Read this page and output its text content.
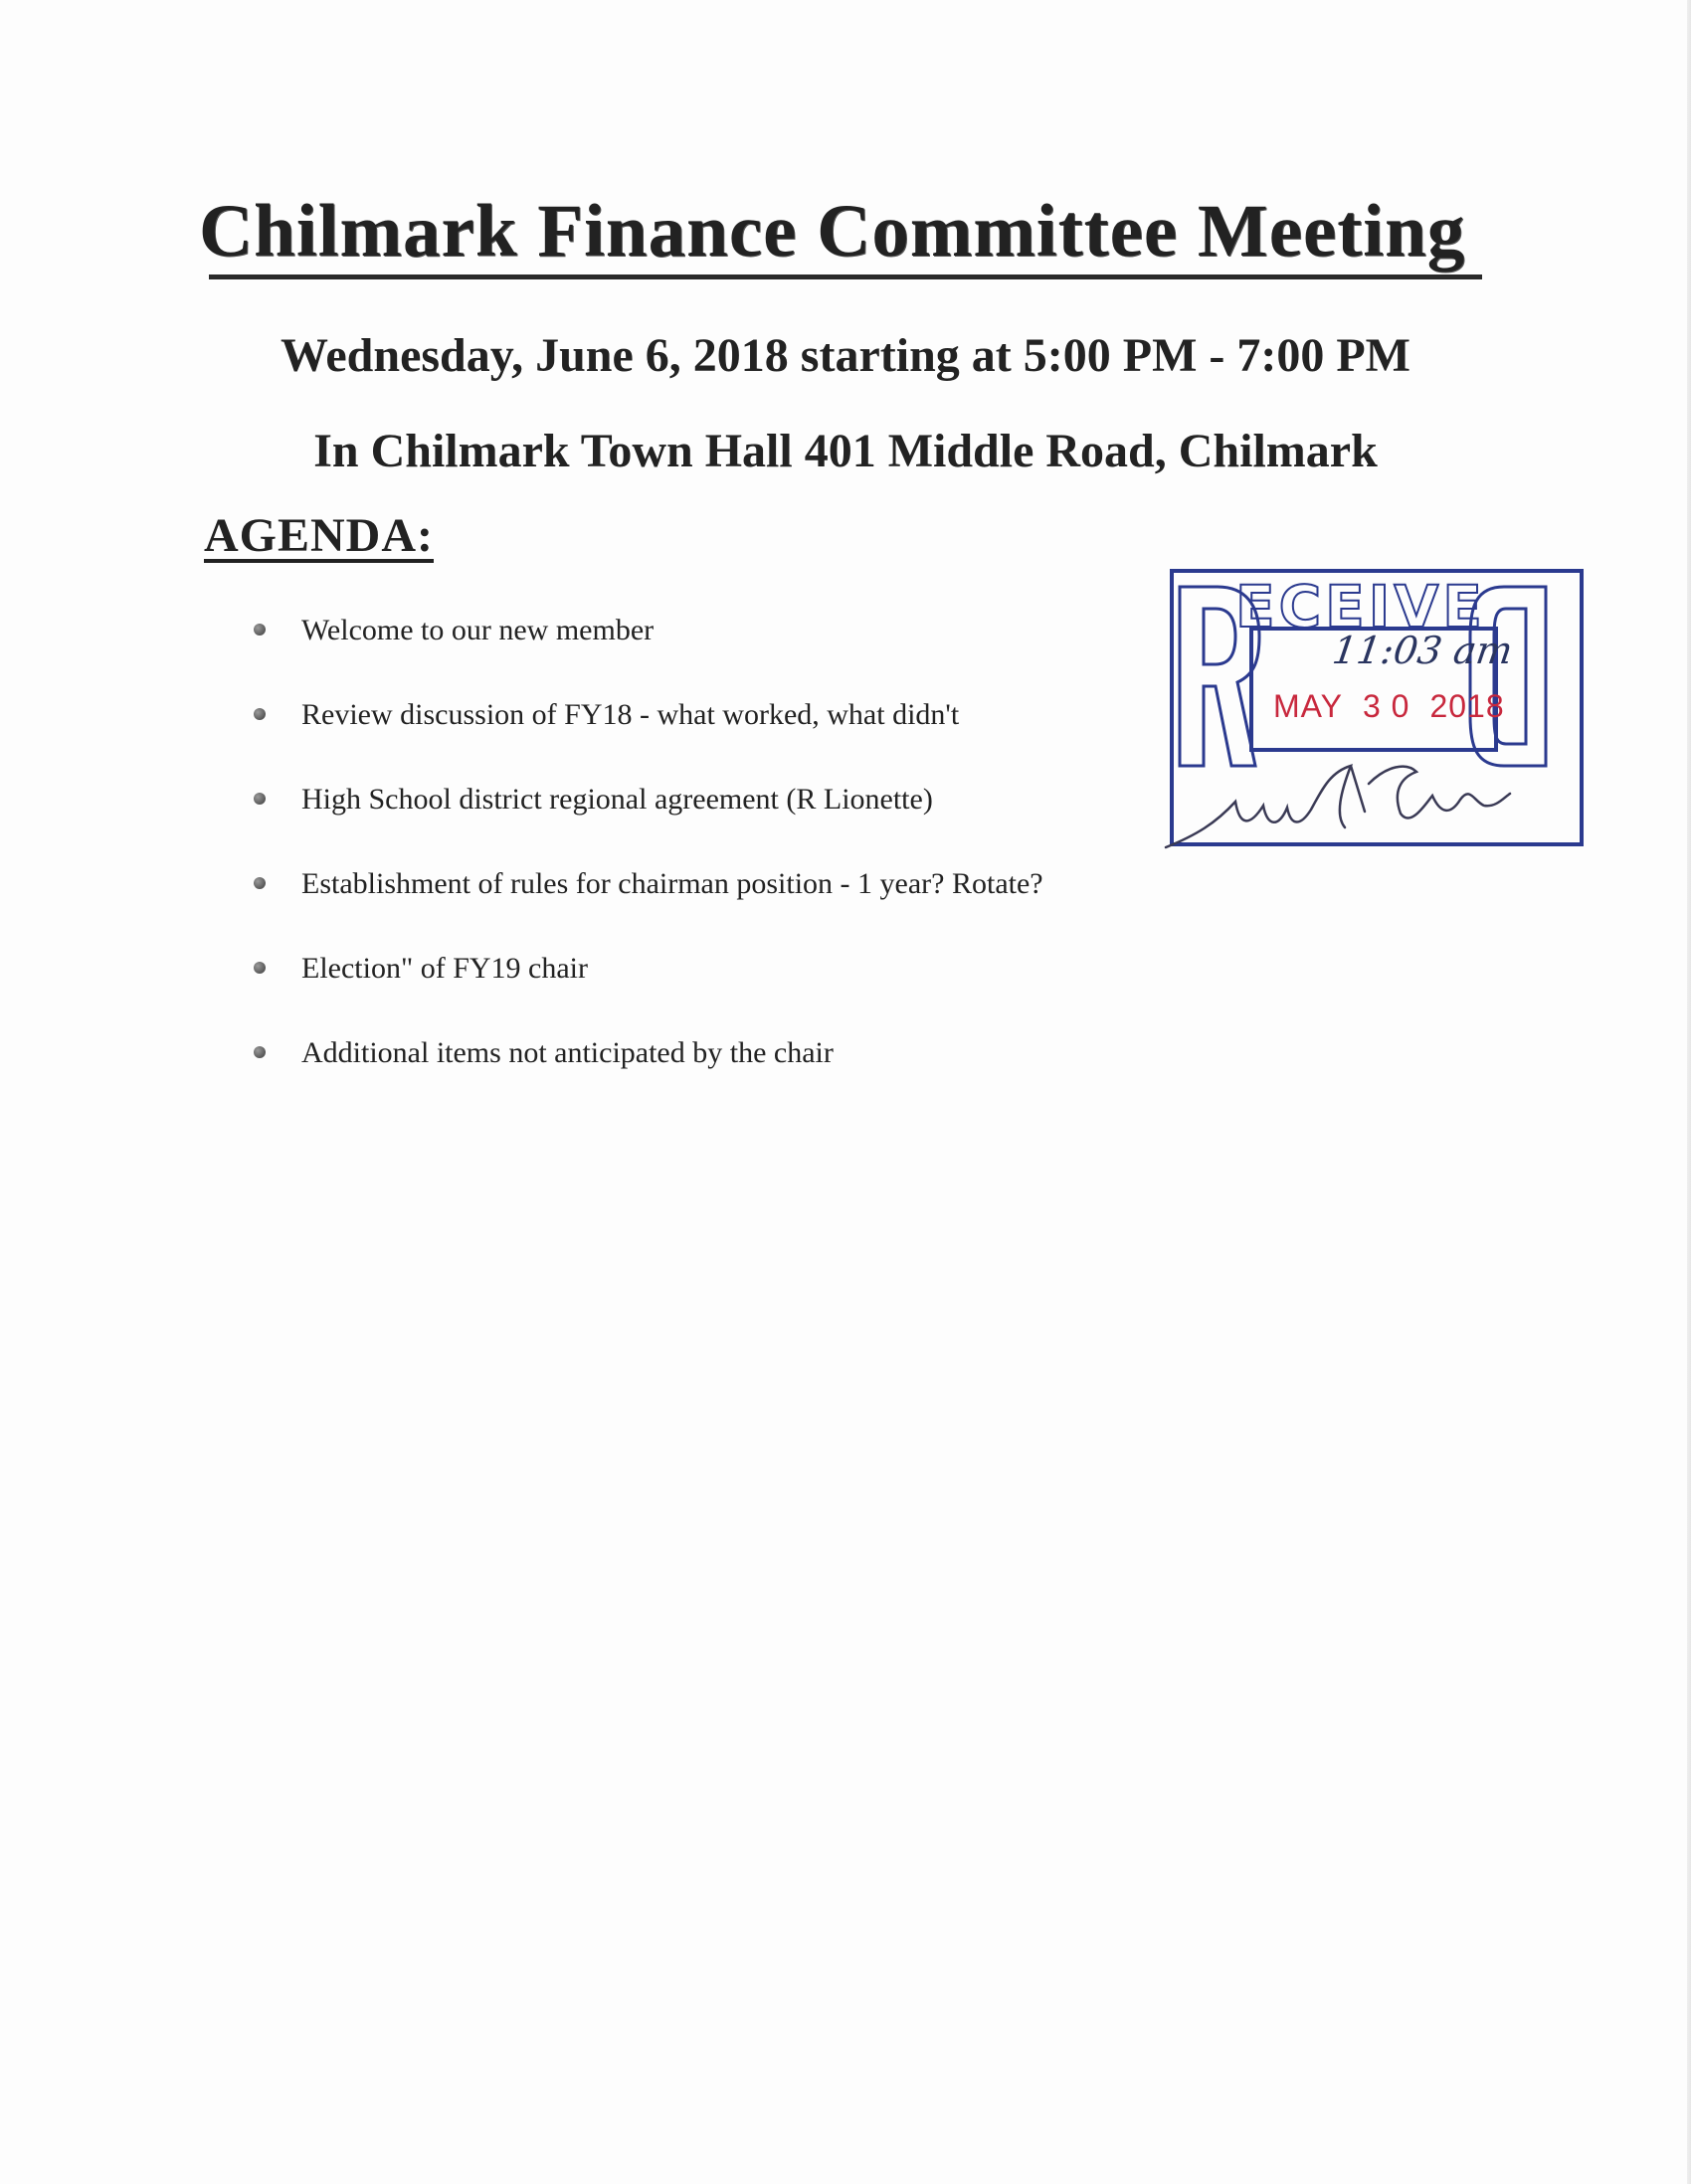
Chilmark Finance Committee Meeting
Wednesday, June 6, 2018 starting at 5:00 PM - 7:00 PM
In Chilmark Town Hall 401 Middle Road, Chilmark
AGENDA:
Welcome to our new member
Review discussion of FY18 - what worked, what didn't
High School district regional agreement (R Lionette)
Establishment of rules for chairman position - 1 year? Rotate?
Election" of FY19 chair
Additional items not anticipated by the chair
ECEIVE
11:03 am
MAY 3 0 2018
